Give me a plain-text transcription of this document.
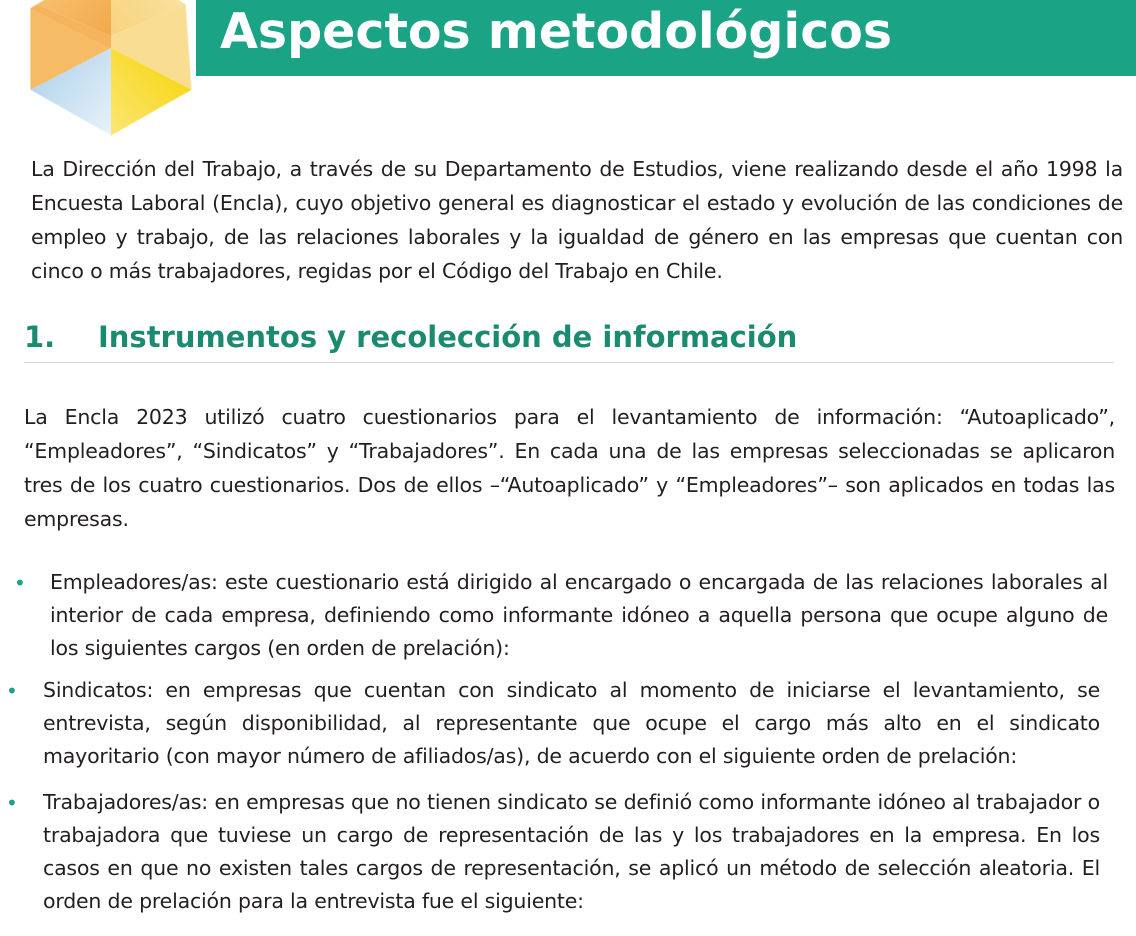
Aspectos metodológicos

La Dirección del Trabajo, a través de su Departamento de Estudios, viene realizando desde el año 1998 la Encuesta Laboral (Encla), cuyo objetivo general es diagnosticar el estado y evolución de las condiciones de empleo y trabajo, de las relaciones laborales y la igualdad de género en las empresas que cuentan con cinco o más trabajadores, regidas por el Código del Trabajo en Chile.

1. Instrumentos y recolección de información

La Encla 2023 utilizó cuatro cuestionarios para el levantamiento de información: “Autoaplicado”, “Empleadores”, “Sindicatos” y “Trabajadores”. En cada una de las empresas seleccionadas se aplicaron tres de los cuatro cuestionarios. Dos de ellos –“Autoaplicado” y “Empleadores”– son aplicados en todas las empresas.

• Empleadores/as: este cuestionario está dirigido al encargado o encargada de las relaciones laborales al interior de cada empresa, definiendo como informante idóneo a aquella persona que ocupe alguno de los siguientes cargos (en orden de prelación):

• Sindicatos: en empresas que cuentan con sindicato al momento de iniciarse el levantamiento, se entrevista, según disponibilidad, al representante que ocupe el cargo más alto en el sindicato mayoritario (con mayor número de afiliados/as), de acuerdo con el siguiente orden de prelación:

• Trabajadores/as: en empresas que no tienen sindicato se definió como informante idóneo al trabajador o trabajadora que tuviese un cargo de representación de las y los trabajadores en la empresa. En los casos en que no existen tales cargos de representación, se aplicó un método de selección aleatoria. El orden de prelación para la entrevista fue el siguiente:
